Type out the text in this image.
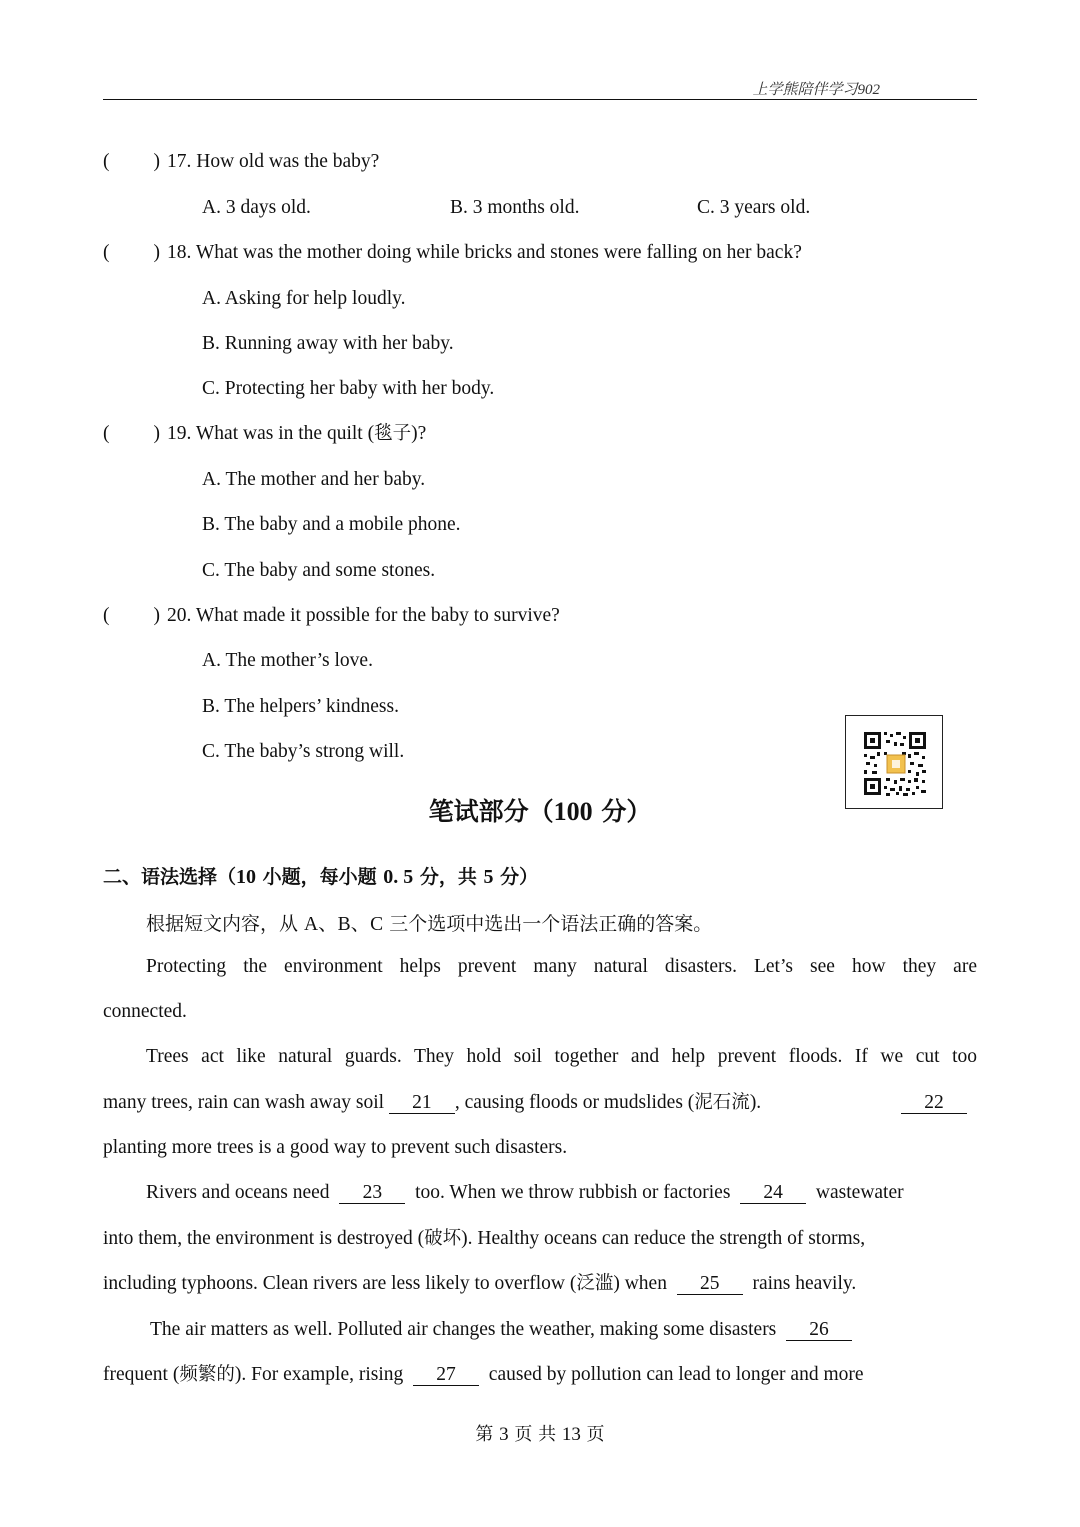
上学熊陪伴学习902
( ) 17. How old was the baby?
A. 3 days old.	B. 3 months old.	C. 3 years old.
( ) 18. What was the mother doing while bricks and stones were falling on her back?
A. Asking for help loudly.
B. Running away with her baby.
C. Protecting her baby with her body.
( ) 19. What was in the quilt (毯子)?
A. The mother and her baby.
B. The baby and a mobile phone.
C. The baby and some stones.
( ) 20. What made it possible for the baby to survive?
A. The mother’s love.
B. The helpers’ kindness.
C. The baby’s strong will.
笔试部分（100 分）
二、语法选择（10 小题，每小题 0. 5 分，共 5 分）
根据短文内容，从 A、B、C 三个选项中选出一个语法正确的答案。
Protecting the environment helps prevent many natural disasters. Let’s see how they are
connected.
Trees act like natural guards. They hold soil together and help prevent floods. If we cut too
many trees, rain can wash away soil 21 , causing floods or mudslides (泥石流).	22
planting more trees is a good way to prevent such disasters.
Rivers and oceans need 23 too. When we throw rubbish or factories 24 wastewater
into them, the environment is destroyed (破坏). Healthy oceans can reduce the strength of storms,
including typhoons. Clean rivers are less likely to overflow (泛滥) when 25 rains heavily.
The air matters as well. Polluted air changes the weather, making some disasters 26
frequent (频繁的). For example, rising 27 caused by pollution can lead to longer and more
第 3 页 共 13 页
